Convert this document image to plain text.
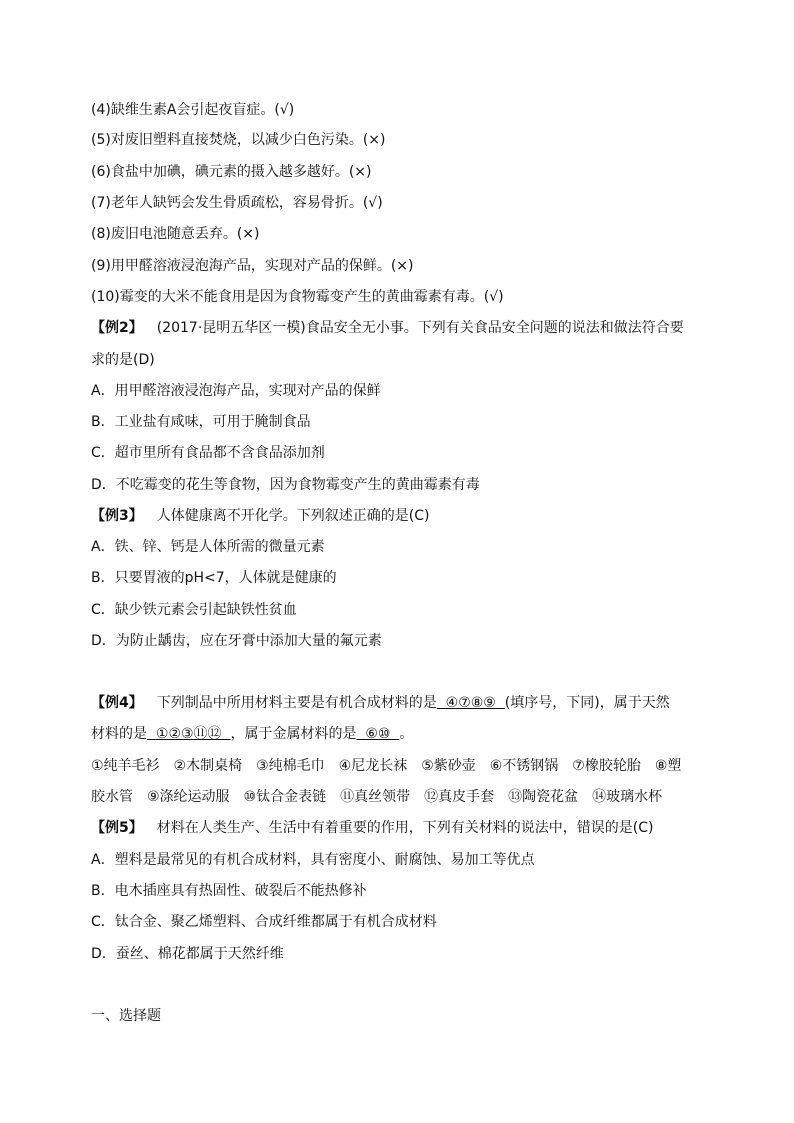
(4)缺维生素A会引起夜盲症。(√)
(5)对废旧塑料直接焚烧，以减少白色污染。(×)
(6)食盐中加碘，碘元素的摄入越多越好。(×)
(7)老年人缺钙会发生骨质疏松，容易骨折。(√)
(8)废旧电池随意丢弃。(×)
(9)用甲醛溶液浸泡海产品，实现对产品的保鲜。(×)
(10)霉变的大米不能食用是因为食物霉变产生的黄曲霉素有毒。(√)
【例2】 (2017·昆明五华区一模)食品安全无小事。下列有关食品安全问题的说法和做法符合要
求的是(D)
A．用甲醛溶液浸泡海产品，实现对产品的保鲜
B．工业盐有咸味，可用于腌制食品
C．超市里所有食品都不含食品添加剂
D．不吃霉变的花生等食物，因为食物霉变产生的黄曲霉素有毒
【例3】 人体健康离不开化学。下列叙述正确的是(C)
A．铁、锌、钙是人体所需的微量元素
B．只要胃液的pH<7，人体就是健康的
C．缺少铁元素会引起缺铁性贫血
D．为防止龋齿，应在牙膏中添加大量的氟元素
【例4】 下列制品中所用材料主要是有机合成材料的是 ④⑦⑧⑨ (填序号，下同)，属于天然
材料的是 ①②③⑪⑫ ，属于金属材料的是 ⑥⑩ 。
①纯羊毛衫　②木制桌椅　③纯棉毛巾　④尼龙长袜　⑤紫砂壶　⑥不锈钢锅　⑦橡胶轮胎　⑧塑
胶水管　⑨涤纶运动服　⑩钛合金表链　⑪真丝领带　⑫真皮手套　⑬陶瓷花盆　⑭玻璃水杯
【例5】 材料在人类生产、生活中有着重要的作用，下列有关材料的说法中，错误的是(C)
A．塑料是最常见的有机合成材料，具有密度小、耐腐蚀、易加工等优点
B．电木插座具有热固性、破裂后不能热修补
C．钛合金、聚乙烯塑料、合成纤维都属于有机合成材料
D．蚕丝、棉花都属于天然纤维
一、选择题
